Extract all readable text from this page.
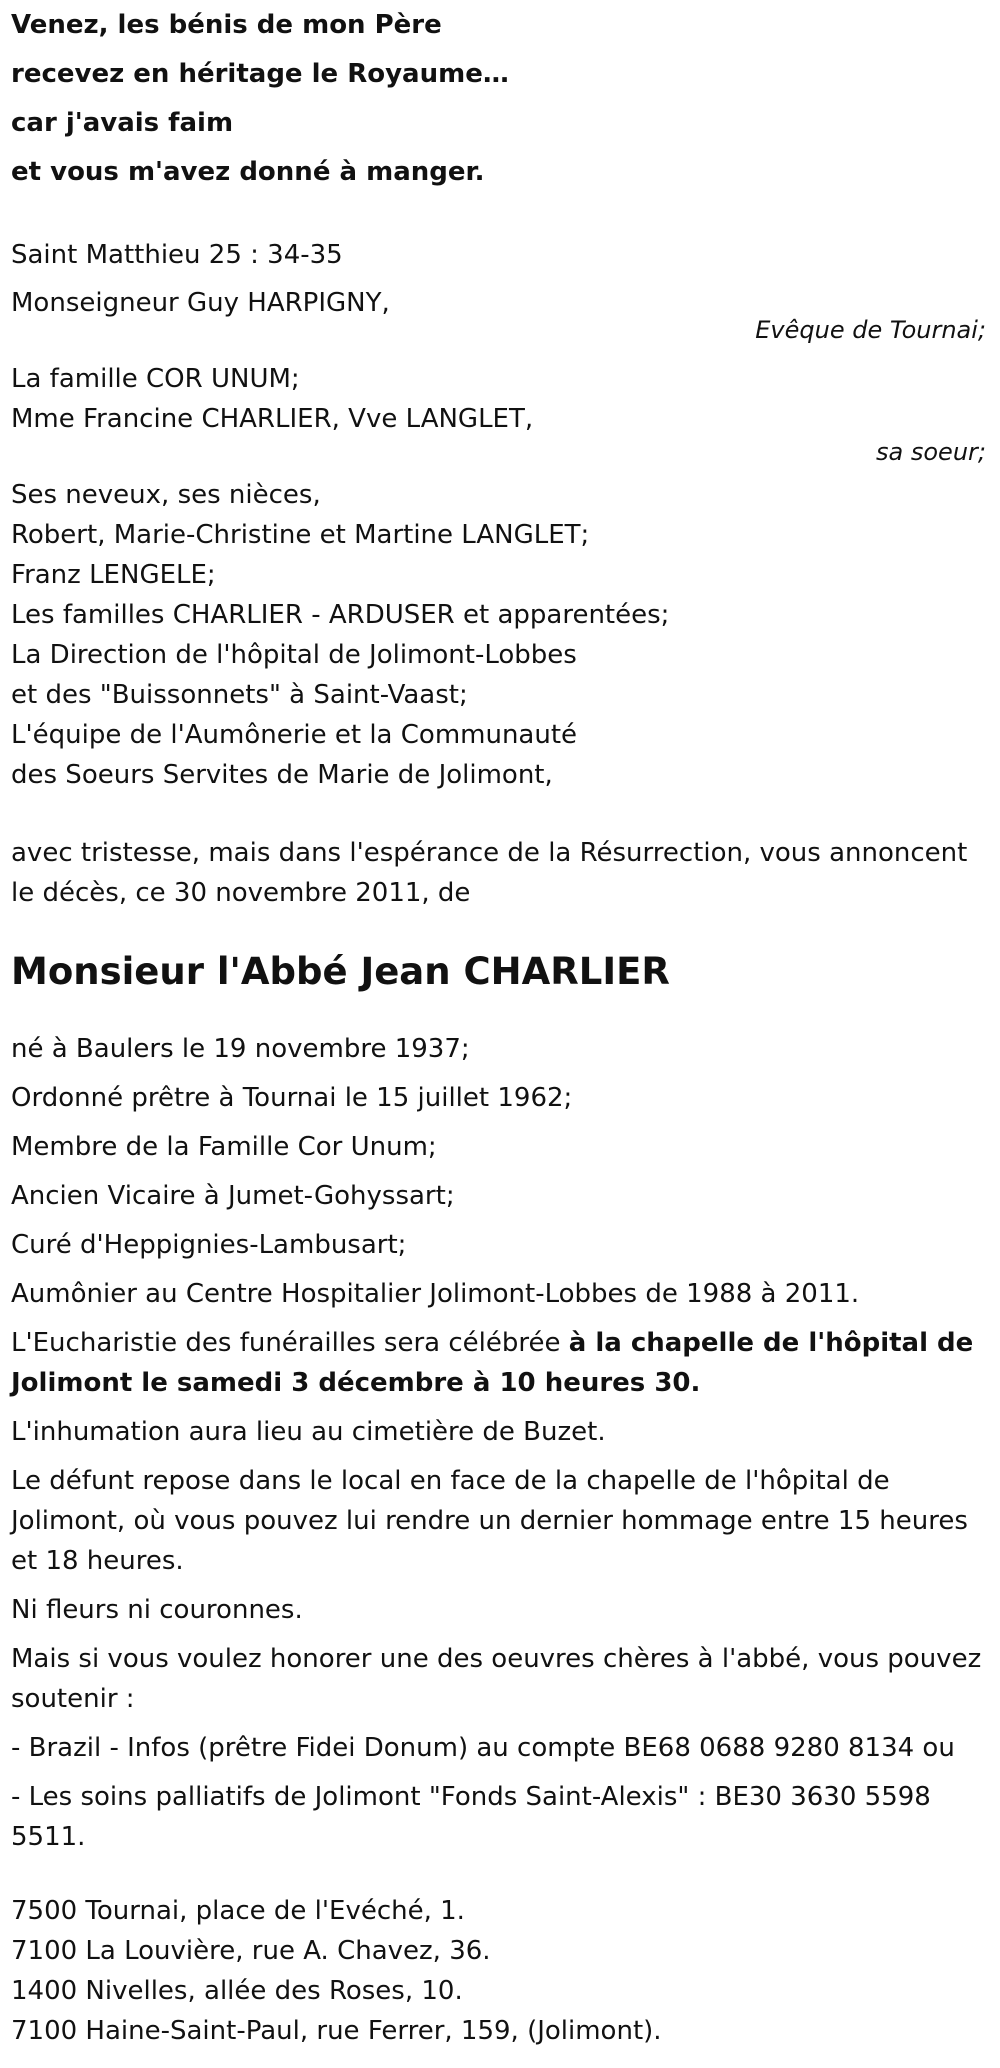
Venez, les bénis de mon Père
recevez en héritage le Royaume…
car j'avais faim
et vous m'avez donné à manger.
Saint Matthieu 25 : 34-35
Monseigneur Guy HARPIGNY,
Evêque de Tournai;
La famille COR UNUM;
Mme Francine CHARLIER, Vve LANGLET,
sa soeur;
Ses neveux, ses nièces,
Robert, Marie-Christine et Martine LANGLET;
Franz LENGELE;
Les familles CHARLIER - ARDUSER et apparentées;
La Direction de l'hôpital de Jolimont-Lobbes
et des "Buissonnets" à Saint-Vaast;
L'équipe de l'Aumônerie et la Communauté
des Soeurs Servites de Marie de Jolimont,
avec tristesse, mais dans l'espérance de la Résurrection, vous annoncent
le décès, ce 30 novembre 2011, de
Monsieur l'Abbé Jean CHARLIER
né à Baulers le 19 novembre 1937;
Ordonné prêtre à Tournai le 15 juillet 1962;
Membre de la Famille Cor Unum;
Ancien Vicaire à Jumet-Gohyssart;
Curé d'Heppignies-Lambusart;
Aumônier au Centre Hospitalier Jolimont-Lobbes de 1988 à 2011.
L'Eucharistie des funérailles sera célébrée à la chapelle de l'hôpital de Jolimont le samedi 3 décembre à 10 heures 30.
L'inhumation aura lieu au cimetière de Buzet.
Le défunt repose dans le local en face de la chapelle de l'hôpital de Jolimont, où vous pouvez lui rendre un dernier hommage entre 15 heures et 18 heures.
Ni fleurs ni couronnes.
Mais si vous voulez honorer une des oeuvres chères à l'abbé, vous pouvez soutenir :
- Brazil - Infos (prêtre Fidei Donum) au compte BE68 0688 9280 8134 ou
- Les soins palliatifs de Jolimont "Fonds Saint-Alexis" : BE30 3630 5598 5511.
7500 Tournai, place de l'Evéché, 1.
7100 La Louvière, rue A. Chavez, 36.
1400 Nivelles, allée des Roses, 10.
7100 Haine-Saint-Paul, rue Ferrer, 159, (Jolimont).
